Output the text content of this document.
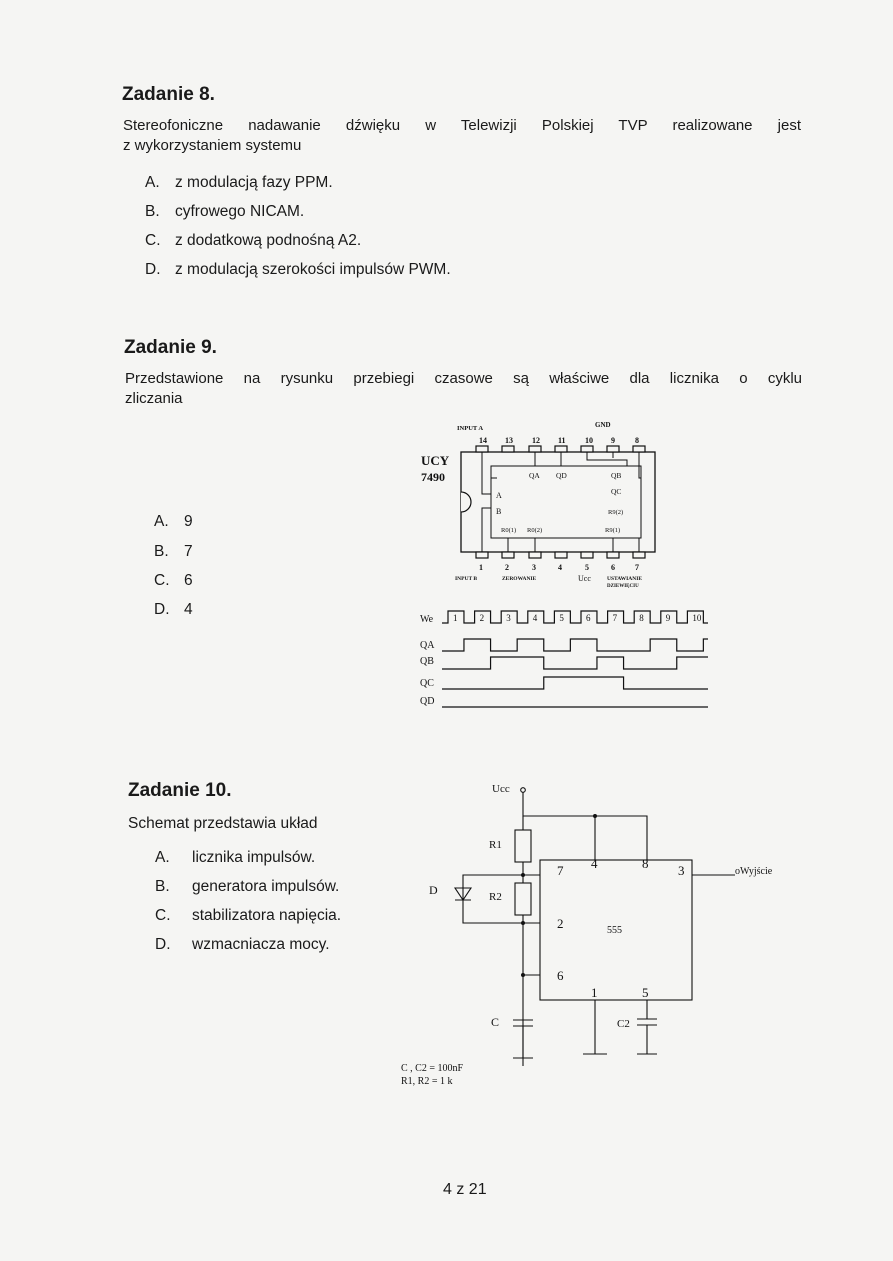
Zadanie 8.
Stereofoniczne nadawanie dźwięku w Telewizji Polskiej TVP realizowane jest
z wykorzystaniem systemu
A. z modulacją fazy PPM.
B. cyfrowego NICAM.
C. z dodatkową podnośną A2.
D. z modulacją szerokości impulsów PWM.
Zadanie 9.
Przedstawione na rysunku przebiegi czasowe są właściwe dla licznika o cyklu
zliczania
A. 9
B. 7
C. 6
D. 4
INPUT A	GND
14 13 12 11 10 9	8
UCY
7490
A
B
QA QD	QB
QC
R9(2)
R0(1) R0(2)	R9(1)
1	2	3	4	5	6	7
INPUT B	ZEROWANIE	Ucc	USTAWIANIE
DZIEWIĘCIU
We
QA
QB
QC
QD
1 2 3 4 5 6 7 8 9 10
Zadanie 10.
Schemat przedstawia układ
A. licznika impulsów.
B. generatora impulsów.
C. stabilizatora napięcia.
D. wzmacniacza mocy.
Ucc
R1
R2
D
C	C2
555
4	8
7	3
2
6
1	5
oWyjście
C , C2 = 100nF
R1, R2 = 1 k
4 z 21
